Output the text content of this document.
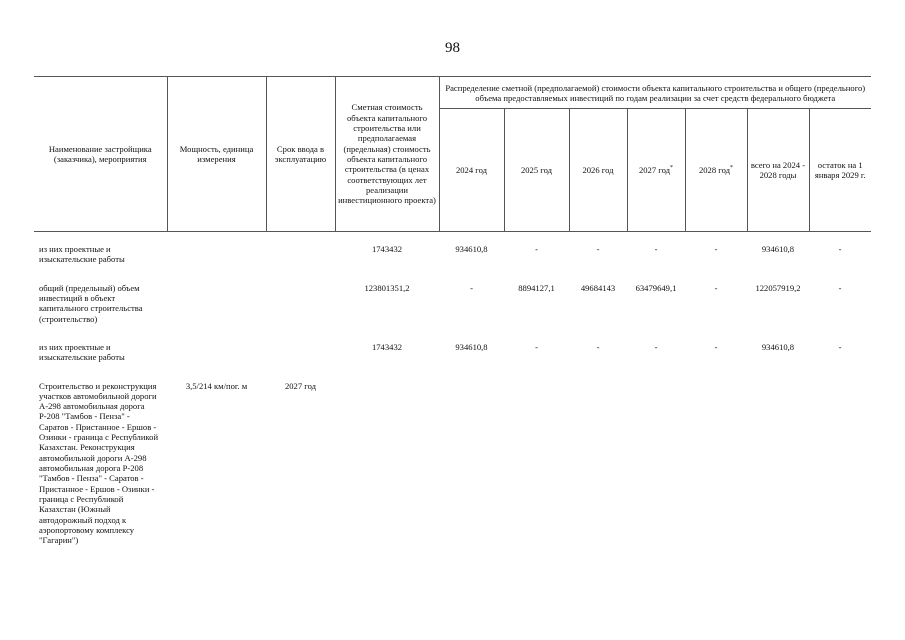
98
Наименование застройщика (заказчика), мероприятия	Мощность, единица измерения	Срок ввода в эксплуатацию	Сметная стоимость объекта капитального строительства или предполагаемая (предельная) стоимость объекта капитального строительства (в ценах соответствующих лет реализации инвестиционного проекта)	Распределение сметной (предполагаемой) стоимости объекта капитального строительства и общего (предельного) объема предоставляемых инвестиций по годам реализации за счет средств федерального бюджета						
				2024 год	2025 год	2026 год	2027 год*	2028 год*	всего на 2024 - 2028 годы	остаток на 1 января 2029 г.
из них проектные и изыскательские работы			1743432	934610,8	-	-	-	-	934610,8	-
общий (предельный) объем инвестиций в объект капитального строительства (строительство)			123801351,2	-	8894127,1	49684143	63479649,1	-	122057919,2	-
из них проектные и изыскательские работы			1743432	934610,8	-	-	-	-	934610,8	-
Строительство и реконструкция участков автомобильной дороги А-298 автомобильная дорога Р-208 "Тамбов - Пенза" - Саратов - Пристанное - Ершов - Озинки - граница с Республикой Казахстан. Реконструкция автомобильной дороги А-298 автомобильная дорога Р-208 "Тамбов - Пенза" - Саратов - Пристанное - Ершов - Озинки - граница с Республикой Казахстан (Южный автодорожный подход к аэропортовому комплексу "Гагарин")	3,5/214 км/пог. м	2027 год								
